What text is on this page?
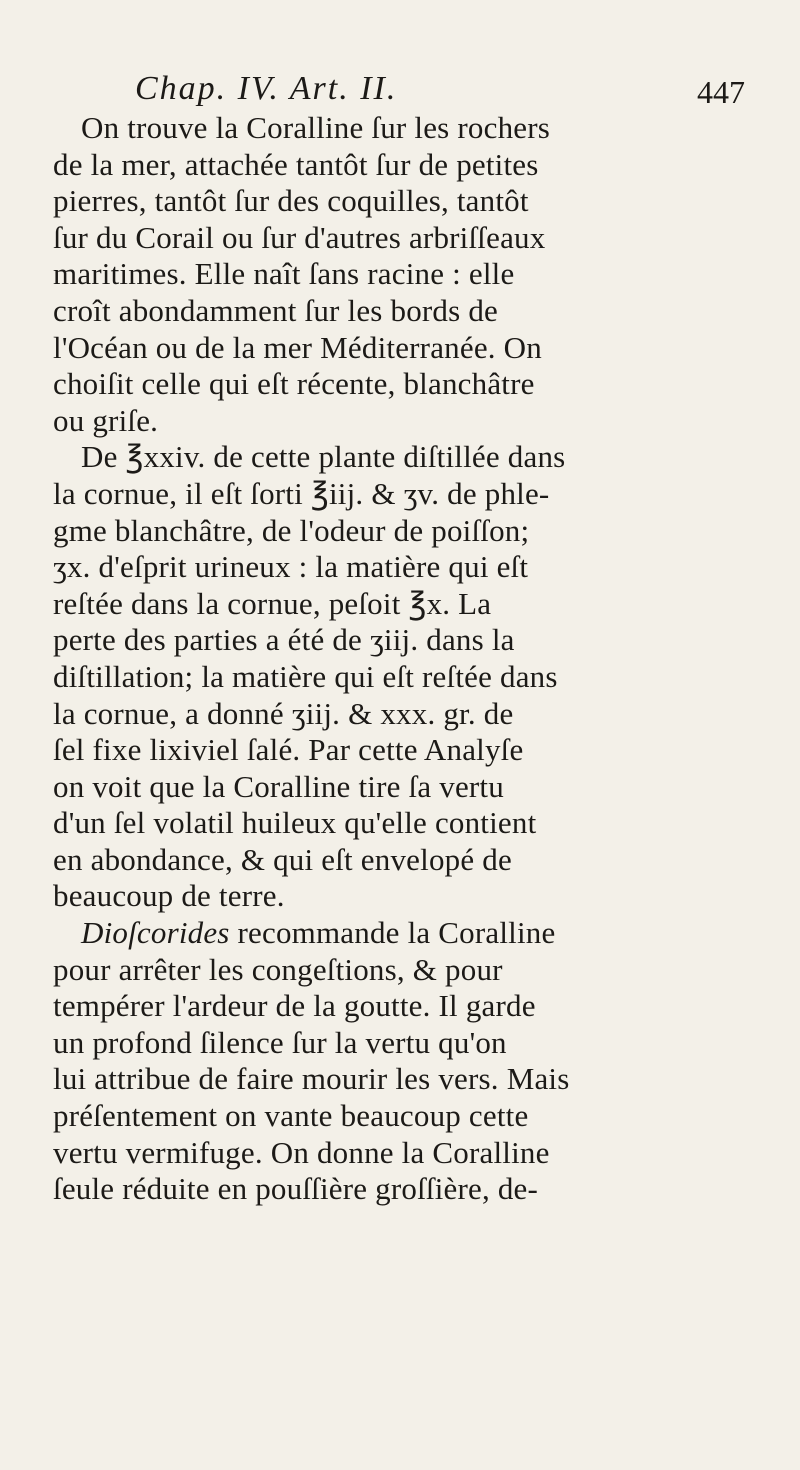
Chap. IV. Art. II.	447
On trouve la Coralline ſur les rochers
de la mer, attachée tantôt ſur de petites
pierres, tantôt ſur des coquilles, tantôt
ſur du Corail ou ſur d'autres arbriſſeaux
maritimes. Elle naît ſans racine : elle
croît abondamment ſur les bords de
l'Océan ou de la mer Méditerranée. On
choiſit celle qui eſt récente, blanchâtre
ou griſe.
De ℥xxiv. de cette plante diſtillée dans
la cornue, il eſt ſorti ℥iij. & ʒv. de phle-
gme blanchâtre, de l'odeur de poiſſon;
ʒx. d'eſprit urineux : la matière qui eſt
reſtée dans la cornue, peſoit ℥x. La
perte des parties a été de ʒiij. dans la
diſtillation; la matière qui eſt reſtée dans
la cornue, a donné ʒiij. & xxx. gr. de
ſel fixe lixiviel ſalé. Par cette Analyſe
on voit que la Coralline tire ſa vertu
d'un ſel volatil huileux qu'elle contient
en abondance, & qui eſt envelopé de
beaucoup de terre.
Dioſcorides recommande la Coralline
pour arrêter les congeſtions, & pour
tempérer l'ardeur de la goutte. Il garde
un profond ſilence ſur la vertu qu'on
lui attribue de faire mourir les vers. Mais
préſentement on vante beaucoup cette
vertu vermifuge. On donne la Coralline
ſeule réduite en pouſſière groſſière, de-
